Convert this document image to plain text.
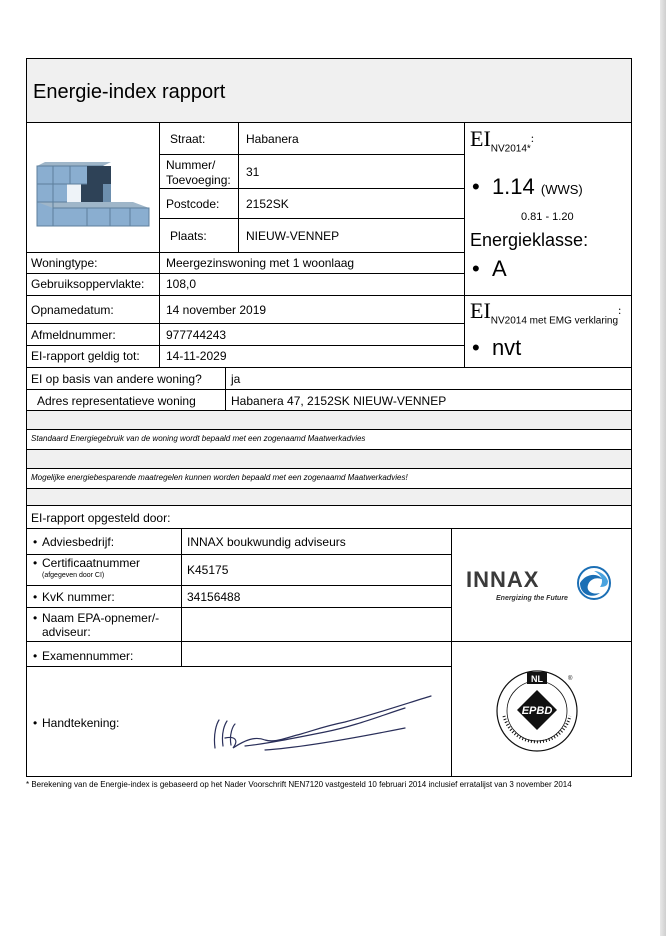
Energie-index rapport
Straat:	Habanera
Nummer/
Toevoeging:
31
Postcode: 2152SK
Plaats:	NIEUW-VENNEP
Woningtype:	Meergezinswoning met 1 woonlaag
Gebruiksoppervlakte: 108,0
Opnamedatum:	14 november 2019
Afmeldnummer:	977744243
EI-rapport geldig tot: 14-11-2029
$EI_{NV2014*}$:
• 1.14 (WWS)
0.81 - 1.20
Energieklasse:
• A
$EI_{NV2014 met EMG verklaring}$:
• nvt
EI op basis van andere woning? ja
Adres representatieve woning	Habanera 47, 2152SK NIEUW-VENNEP
Standaard Energiegebruik van de woning wordt bepaald met een zogenaamd Maatwerkadvies
Mogelijke energiebesparende maatregelen kunnen worden bepaald met een zogenaamd Maatwerkadvies!
EI-rapport opgesteld door:
• Adviesbedrijf:	INNAX boukwundig adviseurs
• Certificaatnummer
(afgegeven door CI)	K45175
• KvK nummer:	34156488
• Naam EPA-opnemer/-
adviseur:
• Examennummer:
• Handtekening:
INNAX
Energizing the Future
NL
EPBD
®
* Berekening van de Energie-index is gebaseerd op het Nader Voorschrift NEN7120 vastgesteld 10 februari 2014 inclusief erratalijst van 3 november 2014
